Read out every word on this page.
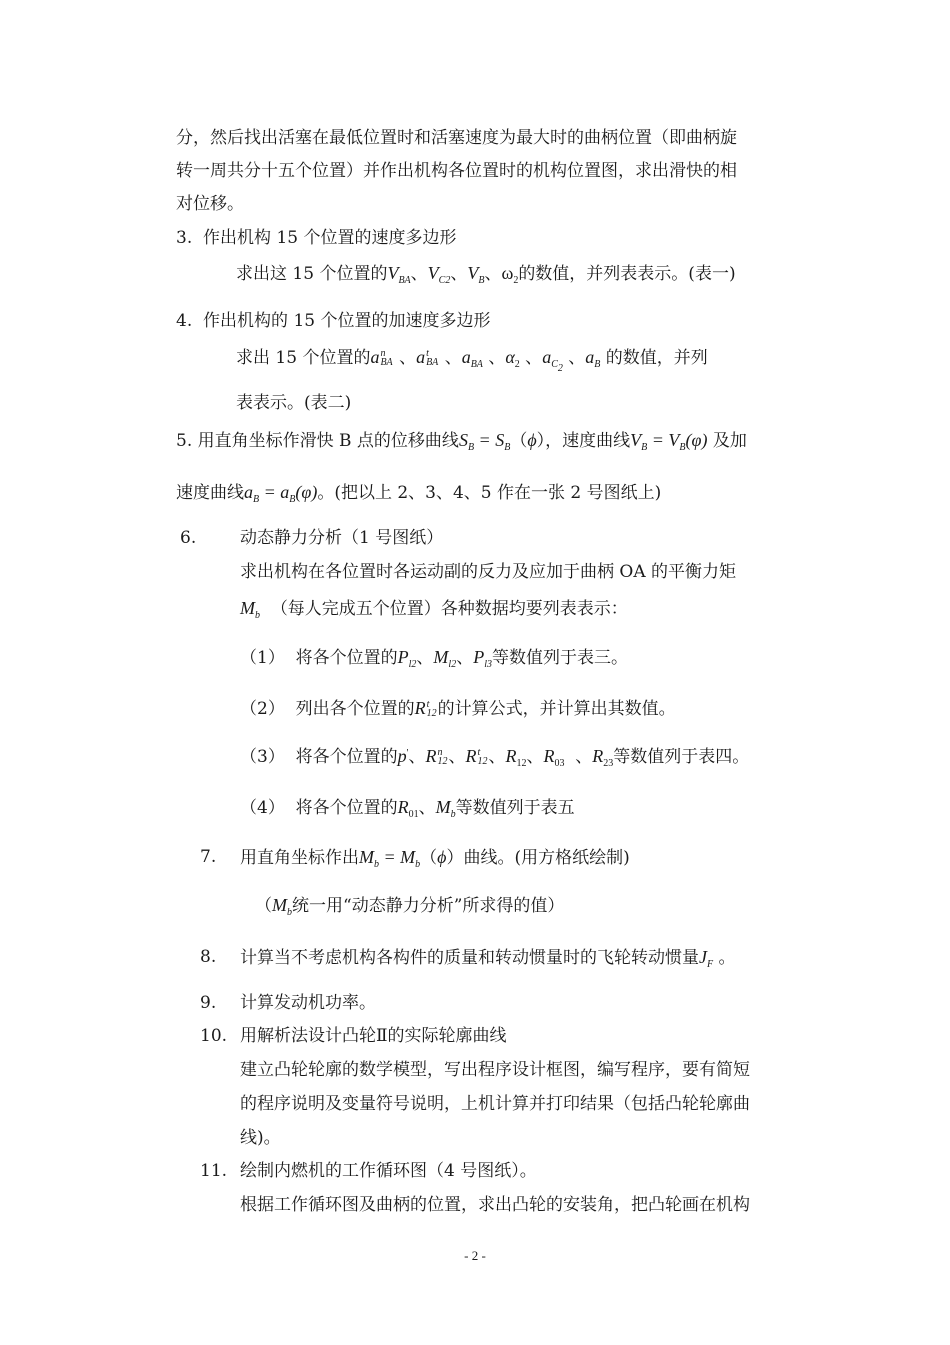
分，然后找出活塞在最低位置时和活塞速度为最大时的曲柄位置（即曲柄旋
转一周共分十五个位置）并作出机构各位置时的机构位置图，求出滑快的相
对位移。
3. 作出机构 15 个位置的速度多边形
求出这 15 个位置的$V_{BA}$、$V_{C2}$、$V_B$、$\omega_2$的数值，并列表表示。(表一)
4. 作出机构的 15 个位置的加速度多边形
求出 15 个位置的a n
BA 、a t
BA 、$a_{BA}$ 、$\alpha_2$ 、$a_{C_2}$ 、$a_B$ 的数值，并列
表表示。(表二)
5. 用直角坐标作滑快 B 点的位移曲线$S_B = S_B(\phi)$，速度曲线$V_B = V_B(\varphi)$ 及加
速度曲线$a_B = a_B(\varphi)$。(把以上 2、3、4、5 作在一张 2 号图纸上)
6.	动态静力分析（1 号图纸）
求出机构在各位置时各运动副的反力及应加于曲柄 OA 的平衡力矩
$M_b$ （每人完成五个位置）各种数据均要列表表示：
（1） 将各个位置的$P_{l2}$、$M_{l2}$、$P_{l3}$等数值列于表三。
（2） 列出各个位置的R t
12 的计算公式，并计算出其数值。
（3） 将各个位置的p'、R n
12 、R t
12 、$R_{12}$、$R_{03}$  、$R_{23}$等数值列于表四。
（4） 将各个位置的$R_{01}$、$M_b$等数值列于表五
7. 用直角坐标作出$M_b = M_b(\phi)$曲线。(用方格纸绘制)
（$M_b$统一用“动态静力分析”所求得的值）
8. 计算当不考虑机构各构件的质量和转动惯量时的飞轮转动惯量$J_F$ 。
9. 计算发动机功率。
10. 用解析法设计凸轮Ⅱ的实际轮廓曲线
建立凸轮轮廓的数学模型，写出程序设计框图，编写程序，要有简短
的程序说明及变量符号说明，上机计算并打印结果（包括凸轮轮廓曲
线)。
11. 绘制内燃机的工作循环图（4 号图纸）。
根据工作循环图及曲柄的位置，求出凸轮的安装角，把凸轮画在机构
- 2 -
